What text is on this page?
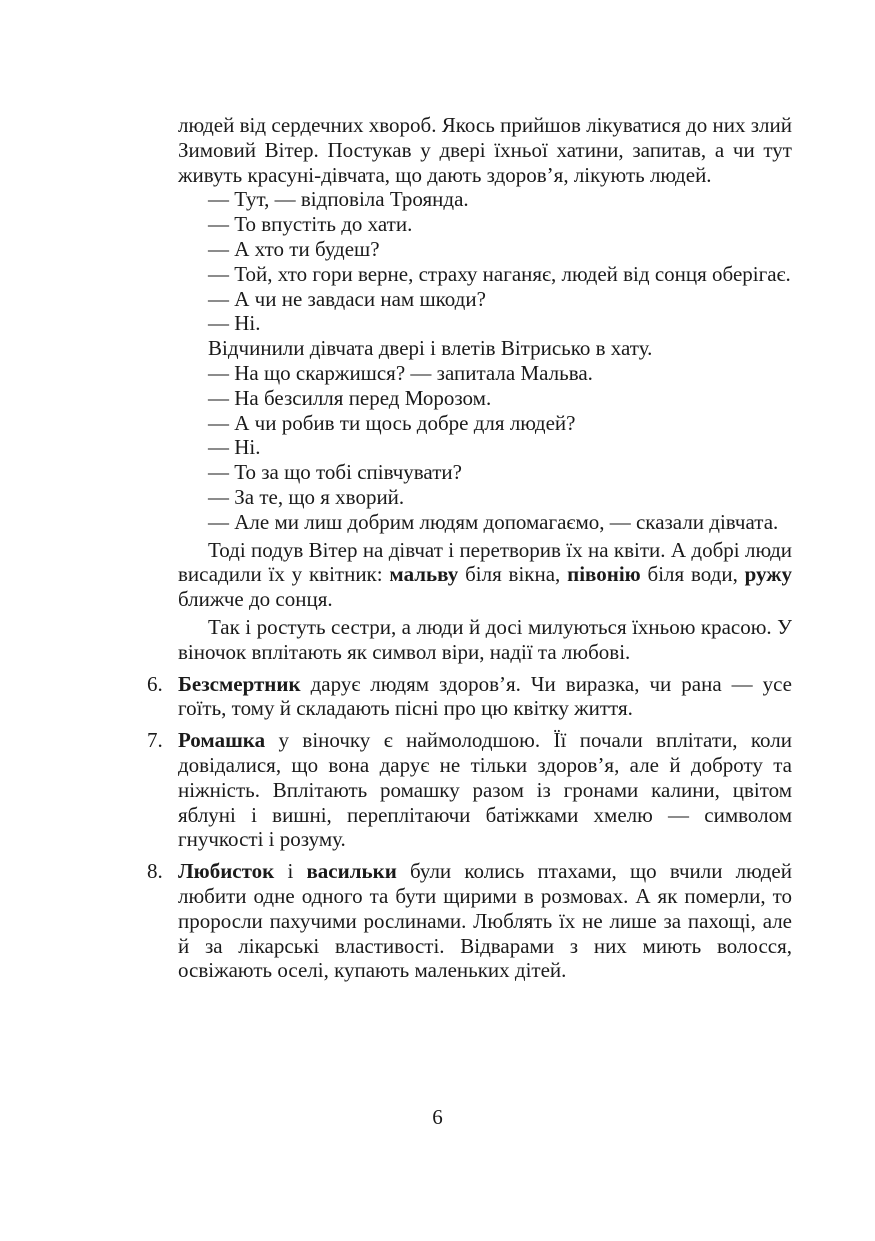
людей від сердечних хвороб. Якось прийшов лікуватися до них злий Зимовий Вітер. Постукав у двері їхньої хатини, запитав, а чи тут живуть красуні-дівчата, що дають здоров’я, лікують людей.

— Тут, — відповіла Троянда.

— То впустіть до хати.

— А хто ти будеш?

— Той, хто гори верне, страху наганяє, людей від сонця оберігає.

— А чи не завдаси нам шкоди?

— Ні.

Відчинили дівчата двері і влетів Вітрисько в хату.

— На що скаржишся? — запитала Мальва.

— На безсилля перед Морозом.

— А чи робив ти щось добре для людей?

— Ні.

— То за що тобі співчувати?

— За те, що я хворий.

— Але ми лиш добрим людям допомагаємо, — сказали дівчата.

Тоді подув Вітер на дівчат і перетворив їх на квіти. А добрі люди висадили їх у квітник: мальву біля вікна, півонію біля води, ружу ближче до сонця.

Так і ростуть сестри, а люди й досі милуються їхньою красою. У віночок вплітають як символ віри, надії та любові.

6. Безсмертник дарує людям здоров’я. Чи виразка, чи рана — усе гоїть, тому й складають пісні про цю квітку життя.
7. Ромашка у віночку є наймолодшою. Її почали вплітати, коли довідалися, що вона дарує не тільки здоров’я, але й доброту та ніжність. Вплітають ромашку разом із гронами калини, цвітом яблуні і вишні, переплітаючи батіжками хмелю — символом гнучкості і розуму.
8. Любисток і васильки були колись птахами, що вчили людей любити одне одного та бути щирими в розмовах. А як померли, то проросли пахучими рослинами. Люблять їх не лише за пахощі, але й за лікарські властивості. Відварами з них миють волосся, освіжають оселі, купають маленьких дітей.
6
